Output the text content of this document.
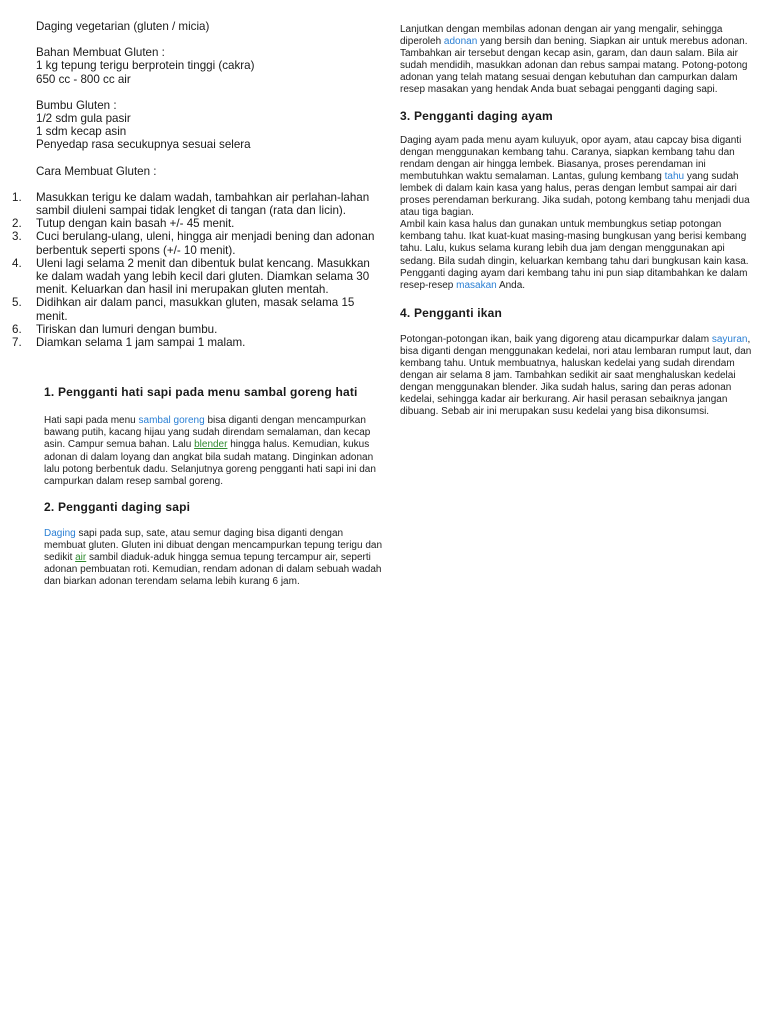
Daging vegetarian (gluten / micia)

Bahan Membuat Gluten :

1 kg tepung terigu berprotein tinggi (cakra)

650 cc - 800 cc air

Bumbu Gluten :

1/2 sdm gula pasir

1 sdm kecap asin

Penyedap rasa secukupnya sesuai selera

Cara Membuat Gluten :

1. Masukkan terigu ke dalam wadah, tambahkan air perlahan-lahan sambil diuleni sampai tidak lengket di tangan (rata dan licin).
2. Tutup dengan kain basah +/- 45 menit.
3. Cuci berulang-ulang, uleni, hingga air menjadi bening dan adonan berbentuk seperti spons (+/- 10 menit).
4. Uleni lagi selama 2 menit dan dibentuk bulat kencang. Masukkan ke dalam wadah yang lebih kecil dari gluten. Diamkan selama 30 menit. Keluarkan dan hasil ini merupakan gluten mentah.
5. Didihkan air dalam panci, masukkan gluten, masak selama 15 menit.
6. Tiriskan dan lumuri dengan bumbu.
7. Diamkan selama 1 jam sampai 1 malam.
1. Pengganti hati sapi pada menu sambal goreng hati

Hati sapi pada menu sambal goreng bisa diganti dengan mencampurkan bawang putih, kacang hijau yang sudah direndam semalaman, dan kecap asin. Campur semua bahan. Lalu blender hingga halus. Kemudian, kukus adonan di dalam loyang dan angkat bila sudah matang. Dinginkan adonan lalu potong berbentuk dadu. Selanjutnya goreng pengganti hati sapi ini dan campurkan dalam resep sambal goreng.

2. Pengganti daging sapi

Daging sapi pada sup, sate, atau semur daging bisa diganti dengan membuat gluten. Gluten ini dibuat dengan mencampurkan tepung terigu dan sedikit air sambil diaduk-aduk hingga semua tepung tercampur air, seperti adonan pembuatan roti. Kemudian, rendam adonan di dalam sebuah wadah dan biarkan adonan terendam selama lebih kurang 6 jam.

Lanjutkan dengan membilas adonan dengan air yang mengalir, sehingga diperoleh adonan yang bersih dan bening. Siapkan air untuk merebus adonan. Tambahkan air tersebut dengan kecap asin, garam, dan daun salam. Bila air sudah mendidih, masukkan adonan dan rebus sampai matang. Potong-potong adonan yang telah matang sesuai dengan kebutuhan dan campurkan dalam resep masakan yang hendak Anda buat sebagai pengganti daging sapi.

3. Pengganti daging ayam

Daging ayam pada menu ayam kuluyuk, opor ayam, atau capcay bisa diganti dengan menggunakan kembang tahu. Caranya, siapkan kembang tahu dan rendam dengan air hingga lembek. Biasanya, proses perendaman ini membutuhkan waktu semalaman. Lantas, gulung kembang tahu yang sudah lembek di dalam kain kasa yang halus, peras dengan lembut sampai air dari proses perendaman berkurang. Jika sudah, potong kembang tahu menjadi dua atau tiga bagian.

Ambil kain kasa halus dan gunakan untuk membungkus setiap potongan kembang tahu. Ikat kuat-kuat masing-masing bungkusan yang berisi kembang tahu. Lalu, kukus selama kurang lebih dua jam dengan menggunakan api sedang. Bila sudah dingin, keluarkan kembang tahu dari bungkusan kain kasa. Pengganti daging ayam dari kembang tahu ini pun siap ditambahkan ke dalam resep-resep masakan Anda.

4. Pengganti ikan

Potongan-potongan ikan, baik yang digoreng atau dicampurkar dalam sayuran, bisa diganti dengan menggunakan kedelai, nori atau lembaran rumput laut, dan kembang tahu. Untuk membuatnya, haluskan kedelai yang sudah direndam dengan air selama 8 jam. Tambahkan sedikit air saat menghaluskan kedelai dengan menggunakan blender. Jika sudah halus, saring dan peras adonan kedelai, sehingga kadar air berkurang. Air hasil perasan sebaiknya jangan dibuang. Sebab air ini merupakan susu kedelai yang bisa dikonsumsi.
